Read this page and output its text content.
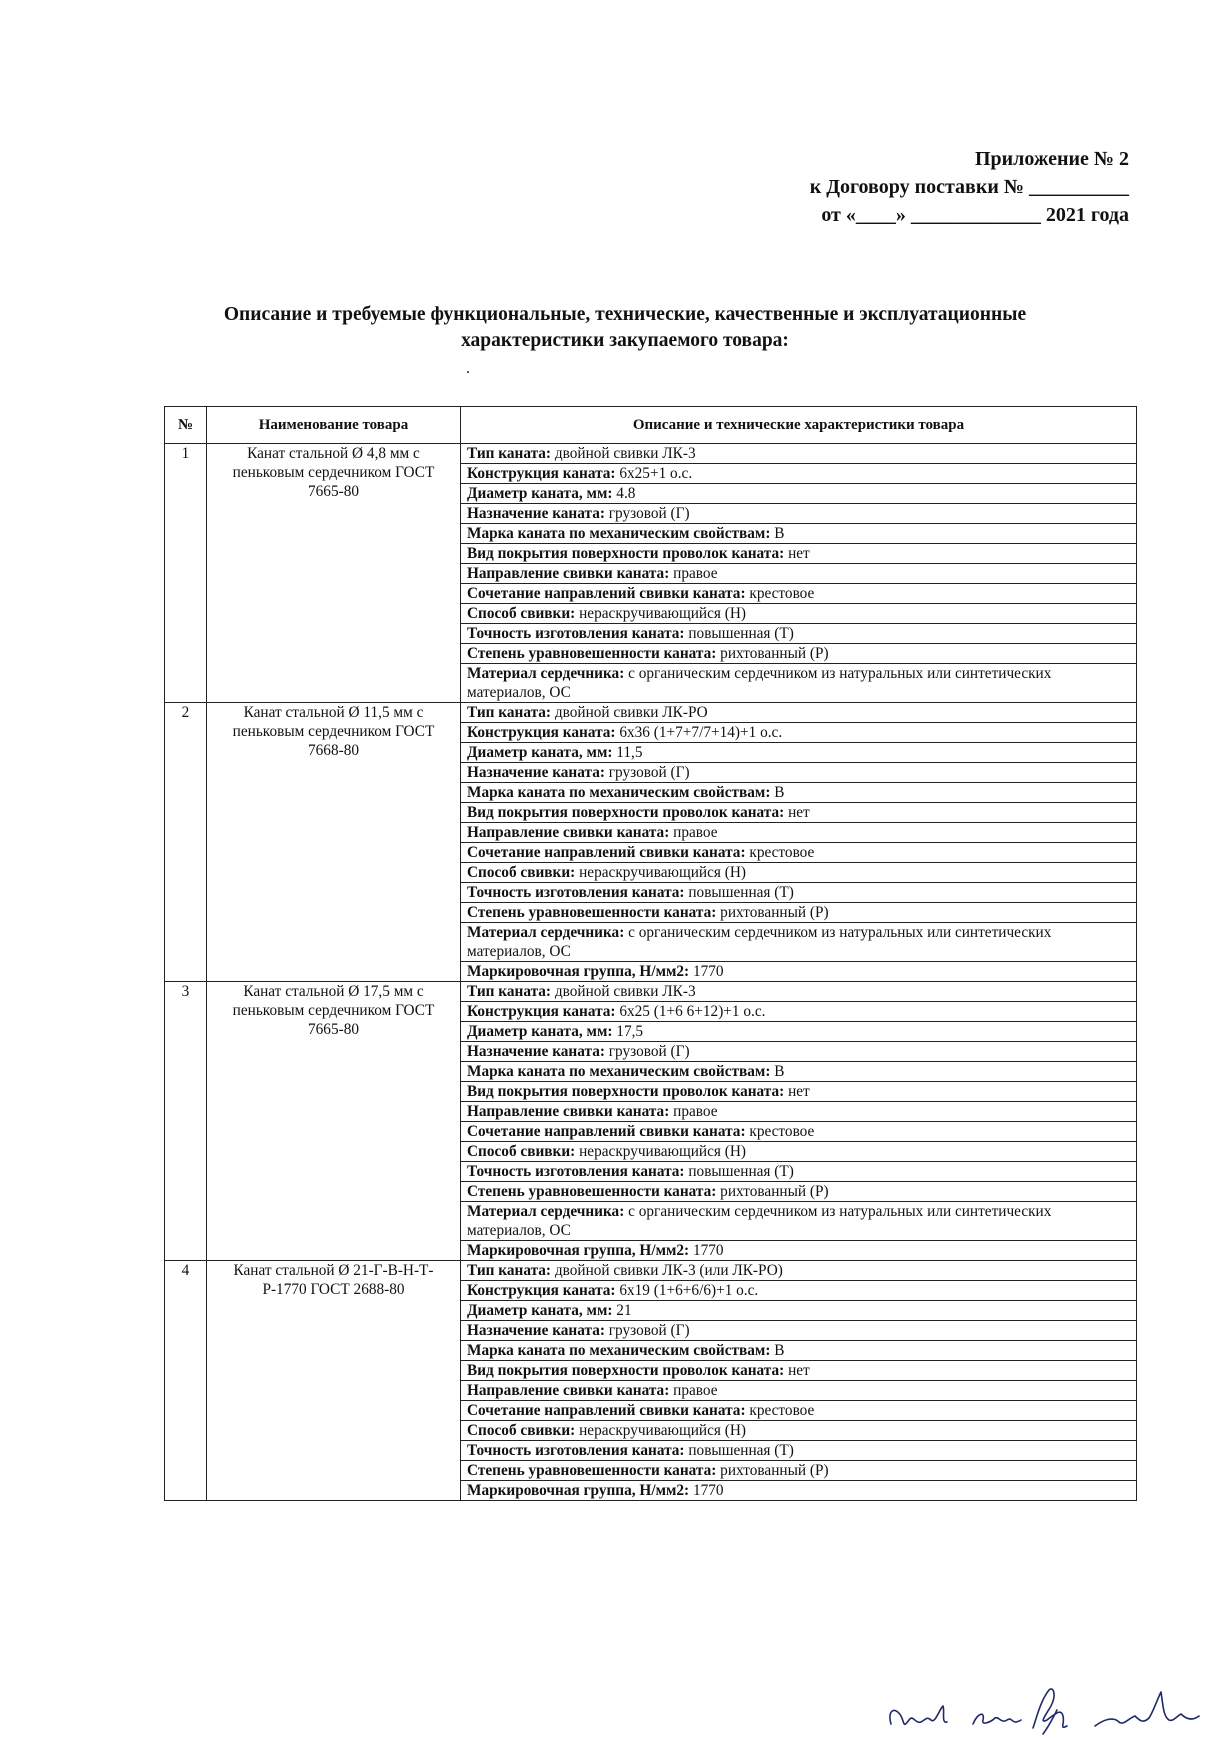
Приложение № 2
к Договору поставки № __________
от «____» _____________ 2021 года
Описание и требуемые функциональные, технические, качественные и эксплуатационные
характеристики закупаемого товара:
.
№	Наименование товара	Описание и технические характеристики товара
1	Канат стальной Ø 4,8 мм с пеньковым сердечником ГОСТ 7665-80	Тип каната: двойной свивки ЛК-3
		Конструкция каната: 6х25+1 о.с.
		Диаметр каната, мм: 4.8
		Назначение каната: грузовой (Г)
		Марка каната по механическим свойствам: В
		Вид покрытия поверхности проволок каната: нет
		Направление свивки каната: правое
		Сочетание направлений свивки каната: крестовое
		Способ свивки: нераскручивающийся (Н)
		Точность изготовления каната: повышенная (Т)
		Степень уравновешенности каната: рихтованный (Р)
		Материал сердечника: с органическим сердечником из натуральных или синтетических материалов, ОС
2	Канат стальной Ø 11,5 мм с пеньковым сердечником ГОСТ 7668-80	Тип каната: двойной свивки ЛК-РО
		Конструкция каната: 6х36 (1+7+7/7+14)+1 о.с.
		Диаметр каната, мм: 11,5
		Назначение каната: грузовой (Г)
		Марка каната по механическим свойствам: В
		Вид покрытия поверхности проволок каната: нет
		Направление свивки каната: правое
		Сочетание направлений свивки каната: крестовое
		Способ свивки: нераскручивающийся (Н)
		Точность изготовления каната: повышенная (Т)
		Степень уравновешенности каната: рихтованный (Р)
		Материал сердечника: с органическим сердечником из натуральных или синтетических материалов, ОС
		Маркировочная группа, Н/мм2: 1770
3	Канат стальной Ø 17,5 мм с пеньковым сердечником ГОСТ 7665-80	Тип каната: двойной свивки ЛК-3
		Конструкция каната: 6х25 (1+6 6+12)+1 о.с.
		Диаметр каната, мм: 17,5
		Назначение каната: грузовой (Г)
		Марка каната по механическим свойствам: В
		Вид покрытия поверхности проволок каната: нет
		Направление свивки каната: правое
		Сочетание направлений свивки каната: крестовое
		Способ свивки: нераскручивающийся (Н)
		Точность изготовления каната: повышенная (Т)
		Степень уравновешенности каната: рихтованный (Р)
		Материал сердечника: с органическим сердечником из натуральных или синтетических материалов, ОС
		Маркировочная группа, Н/мм2: 1770
4	Канат стальной Ø 21-Г-В-Н-Т-Р-1770 ГОСТ 2688-80	Тип каната: двойной свивки ЛК-3 (или ЛК-РО)
		Конструкция каната: 6х19 (1+6+6/6)+1 о.с.
		Диаметр каната, мм: 21
		Назначение каната: грузовой (Г)
		Марка каната по механическим свойствам: В
		Вид покрытия поверхности проволок каната: нет
		Направление свивки каната: правое
		Сочетание направлений свивки каната: крестовое
		Способ свивки: нераскручивающийся (Н)
		Точность изготовления каната: повышенная (Т)
		Степень уравновешенности каната: рихтованный (Р)
		Маркировочная группа, Н/мм2: 1770
